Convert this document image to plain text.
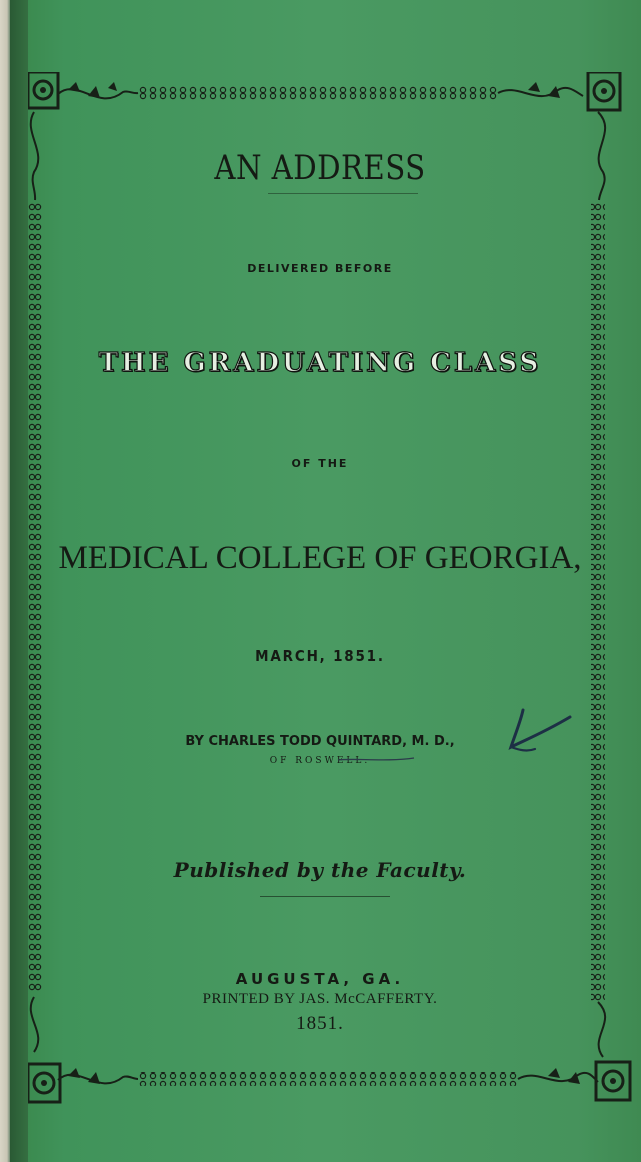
AN ADDRESS
DELIVERED BEFORE
THE GRADUATING CLASS
OF THE
MEDICAL COLLEGE OF GEORGIA,
MARCH, 1851.
BY CHARLES TODD QUINTARD, M. D.,
OF ROSWELL.
Published by the Faculty.
AUGUSTA, GA.
PRINTED BY JAS. McCAFFERTY.
1851.
